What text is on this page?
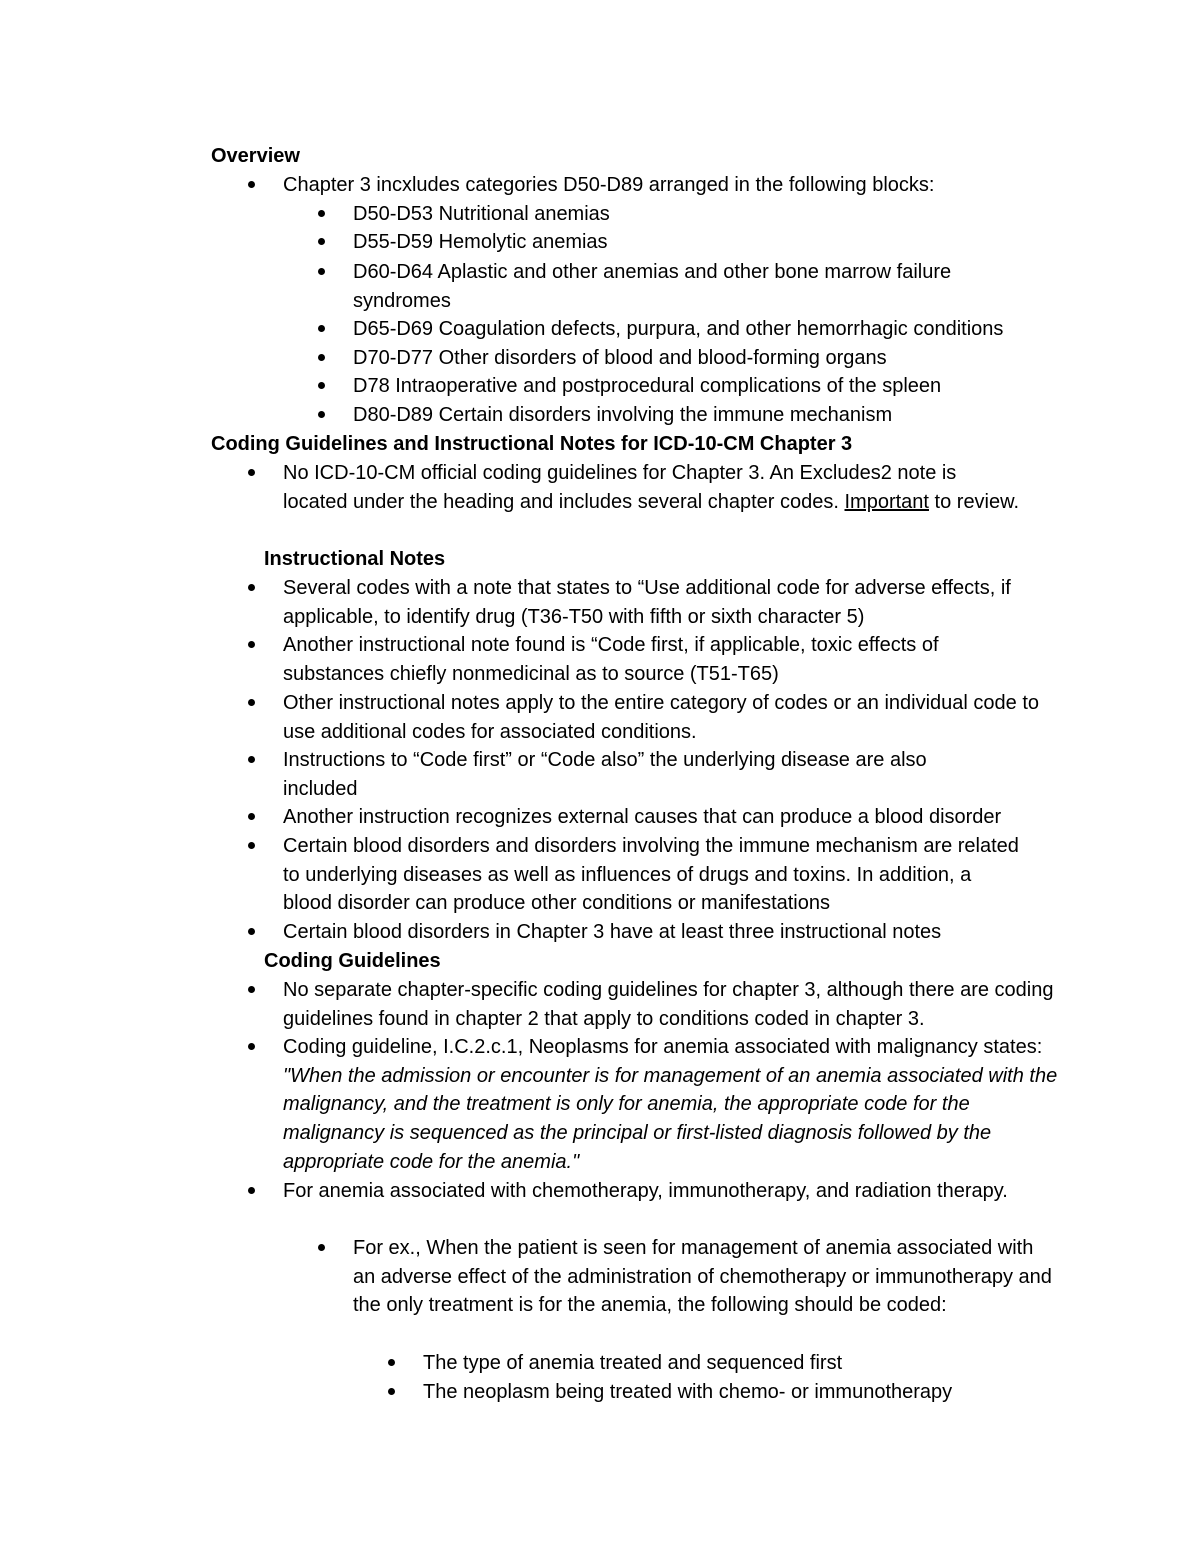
Overview
Chapter 3 incxludes categories D50-D89 arranged in the following blocks:
D50-D53 Nutritional anemias
D55-D59 Hemolytic anemias
D60-D64 Aplastic and other anemias and other bone marrow failure syndromes
D65-D69 Coagulation defects, purpura, and other hemorrhagic conditions
D70-D77 Other disorders of blood and blood-forming organs
D78 Intraoperative and postprocedural complications of the spleen
D80-D89 Certain disorders involving the immune mechanism
Coding Guidelines and Instructional Notes for ICD-10-CM Chapter 3
No ICD-10-CM official coding guidelines for Chapter 3. An Excludes2 note is located under the heading and includes several chapter codes. Important to review.
Instructional Notes
Several codes with a note that states to “Use additional code for adverse effects, if applicable, to identify drug (T36-T50 with fifth or sixth character 5)
Another instructional note found is “Code first, if applicable, toxic effects of substances chiefly nonmedicinal as to source (T51-T65)
Other instructional notes apply to the entire category of codes or an individual code to use additional codes for associated conditions.
Instructions to “Code first” or “Code also” the underlying disease are also included
Another instruction recognizes external causes that can produce a blood disorder
Certain blood disorders and disorders involving the immune mechanism are related to underlying diseases as well as influences of drugs and toxins. In addition, a blood disorder can produce other conditions or manifestations
Certain blood disorders in Chapter 3 have at least three instructional notes
Coding Guidelines
No separate chapter-specific coding guidelines for chapter 3, although there are coding guidelines found in chapter 2 that apply to conditions coded in chapter 3.
Coding guideline, I.C.2.c.1, Neoplasms for anemia associated with malignancy states: "When the admission or encounter is for management of an anemia associated with the malignancy, and the treatment is only for anemia, the appropriate code for the malignancy is sequenced as the principal or first-listed diagnosis followed by the appropriate code for the anemia."
For anemia associated with chemotherapy, immunotherapy, and radiation therapy.
For ex., When the patient is seen for management of anemia associated with an adverse effect of the administration of chemotherapy or immunotherapy and the only treatment is for the anemia, the following should be coded:
The type of anemia treated and sequenced first
The neoplasm being treated with chemo- or immunotherapy
